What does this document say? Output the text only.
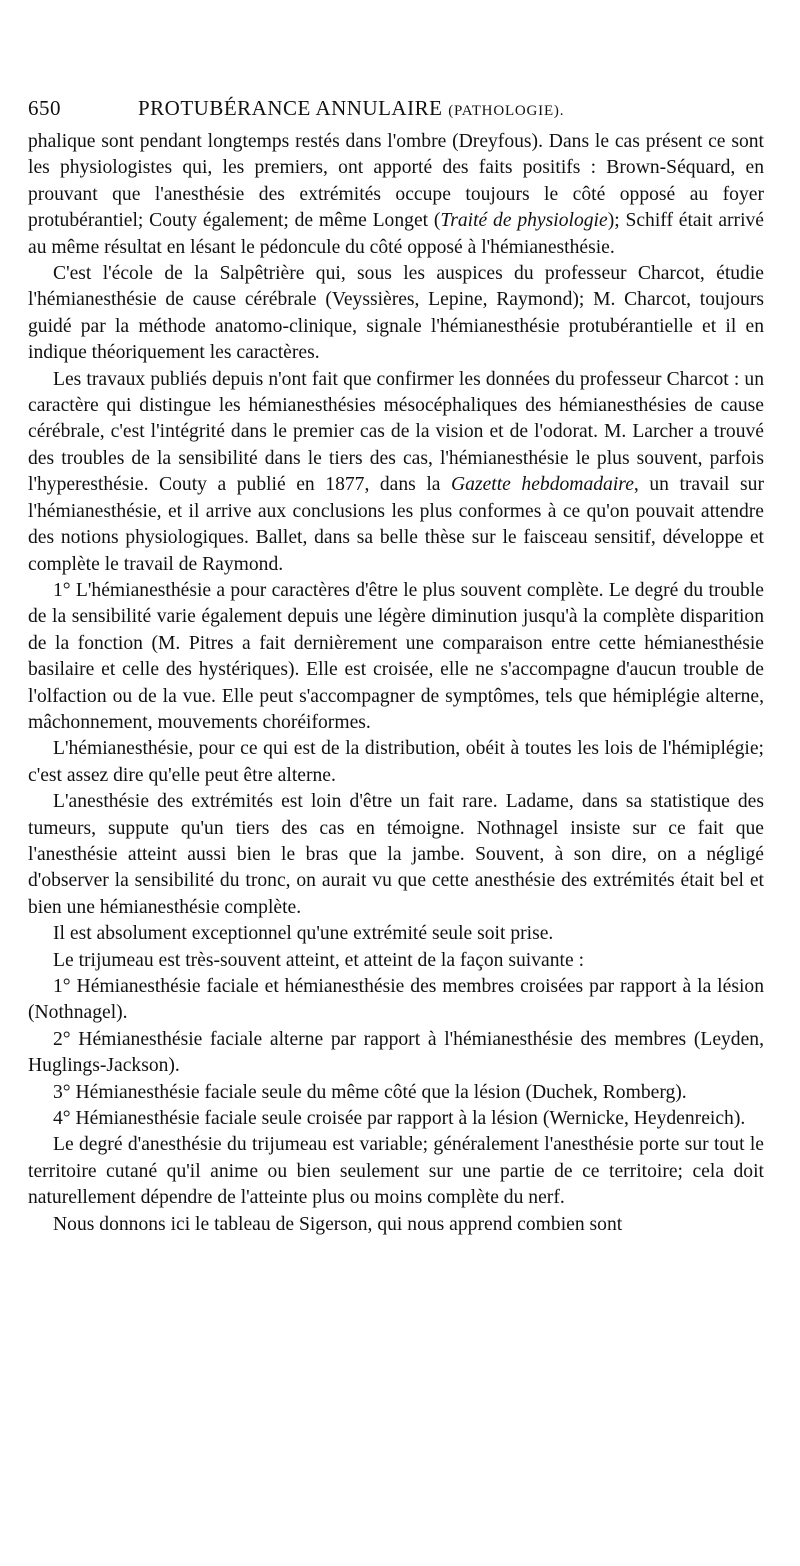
650	PROTUBÉRANCE ANNULAIRE (PATHOLOGIE).

phalique sont pendant longtemps restés dans l'ombre (Dreyfous). Dans le cas présent ce sont les physiologistes qui, les premiers, ont apporté des faits positifs : Brown-Séquard, en prouvant que l'anesthésie des extrémités occupe toujours le côté opposé au foyer protubérantiel; Couty également; de même Longet (Traité de physiologie); Schiff était arrivé au même résultat en lésant le pédoncule du côté opposé à l'hémianesthésie.

C'est l'école de la Salpêtrière qui, sous les auspices du professeur Charcot, étudie l'hémianesthésie de cause cérébrale (Veyssières, Lepine, Raymond); M. Charcot, toujours guidé par la méthode anatomo-clinique, signale l'hémianesthésie protubérantielle et il en indique théoriquement les caractères.

Les travaux publiés depuis n'ont fait que confirmer les données du professeur Charcot : un caractère qui distingue les hémianesthésies mésocéphaliques des hémianesthésies de cause cérébrale, c'est l'intégrité dans le premier cas de la vision et de l'odorat. M. Larcher a trouvé des troubles de la sensibilité dans le tiers des cas, l'hémianesthésie le plus souvent, parfois l'hyperesthésie. Couty a publié en 1877, dans la Gazette hebdomadaire, un travail sur l'hémianesthésie, et il arrive aux conclusions les plus conformes à ce qu'on pouvait attendre des notions physiologiques. Ballet, dans sa belle thèse sur le faisceau sensitif, développe et complète le travail de Raymond.

1° L'hémianesthésie a pour caractères d'être le plus souvent complète. Le degré du trouble de la sensibilité varie également depuis une légère diminution jusqu'à la complète disparition de la fonction (M. Pitres a fait dernièrement une comparaison entre cette hémianesthésie basilaire et celle des hystériques). Elle est croisée, elle ne s'accompagne d'aucun trouble de l'olfaction ou de la vue. Elle peut s'accompagner de symptômes, tels que hémiplégie alterne, mâchonnement, mouvements choréiformes.

L'hémianesthésie, pour ce qui est de la distribution, obéit à toutes les lois de l'hémiplégie; c'est assez dire qu'elle peut être alterne.

L'anesthésie des extrémités est loin d'être un fait rare. Ladame, dans sa statistique des tumeurs, suppute qu'un tiers des cas en témoigne. Nothnagel insiste sur ce fait que l'anesthésie atteint aussi bien le bras que la jambe. Souvent, à son dire, on a négligé d'observer la sensibilité du tronc, on aurait vu que cette anesthésie des extrémités était bel et bien une hémianesthésie complète.

Il est absolument exceptionnel qu'une extrémité seule soit prise.

Le trijumeau est très-souvent atteint, et atteint de la façon suivante :

1° Hémianesthésie faciale et hémianesthésie des membres croisées par rapport à la lésion (Nothnagel).

2° Hémianesthésie faciale alterne par rapport à l'hémianesthésie des membres (Leyden, Huglings-Jackson).

3° Hémianesthésie faciale seule du même côté que la lésion (Duchek, Romberg).

4° Hémianesthésie faciale seule croisée par rapport à la lésion (Wernicke, Heydenreich).

Le degré d'anesthésie du trijumeau est variable; généralement l'anesthésie porte sur tout le territoire cutané qu'il anime ou bien seulement sur une partie de ce territoire; cela doit naturellement dépendre de l'atteinte plus ou moins complète du nerf.

Nous donnons ici le tableau de Sigerson, qui nous apprend combien sont
